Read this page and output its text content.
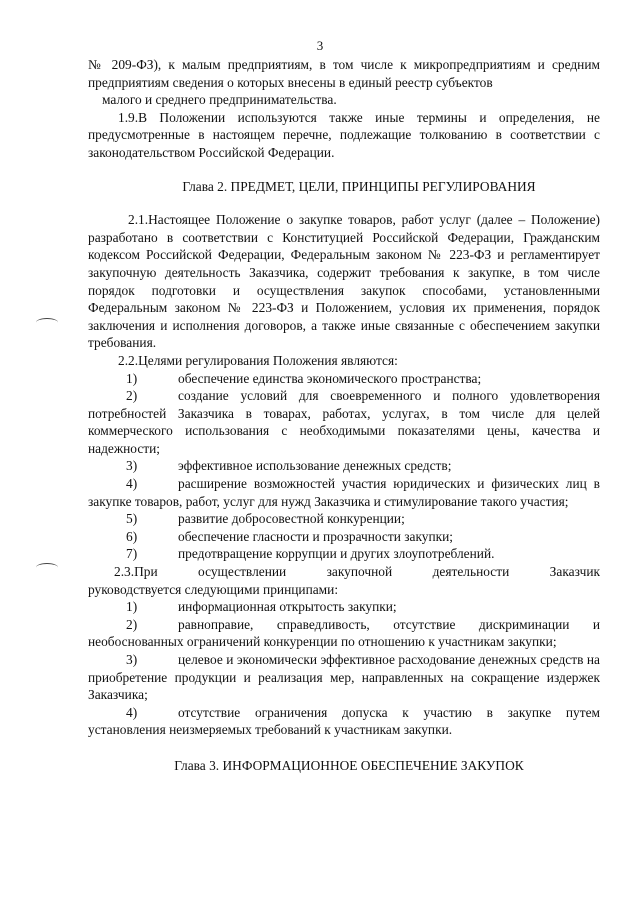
3

№ 209-ФЗ), к малым предприятиям, в том числе к микропредприятиям и средним предприятиям сведения о которых внесены в единый реестр субъектов

малого и среднего предпринимательства.

1.9.В Положении используются также иные термины и определения, не предусмотренные в настоящем перечне, подлежащие толкованию в соответствии с законодательством Российской Федерации.

Глава 2. ПРЕДМЕТ, ЦЕЛИ, ПРИНЦИПЫ РЕГУЛИРОВАНИЯ

2.1.Настоящее Положение о закупке товаров, работ услуг (далее – Положение) разработано в соответствии с Конституцией Российской Федерации, Гражданским кодексом Российской Федерации, Федеральным законом № 223-ФЗ и регламентирует закупочную деятельность Заказчика, содержит требования к закупке, в том числе порядок подготовки и осуществления закупок способами, установленными Федеральным законом № 223-ФЗ и Положением, условия их применения, порядок заключения и исполнения договоров, а также иные связанные с обеспечением закупки требования.

2.2.Целями регулирования Положения являются:

1)	обеспечение единства экономического пространства;

2)	создание условий для своевременного и полного удовлетворения потребностей Заказчика в товарах, работах, услугах, в том числе для целей коммерческого использования с необходимыми показателями цены, качества и надежности;

3)	эффективное использование денежных средств;

4)	расширение возможностей участия юридических и физических лиц в закупке товаров, работ, услуг для нужд Заказчика и стимулирование такого участия;

5)	развитие добросовестной конкуренции;

6)	обеспечение гласности и прозрачности закупки;

7)	предотвращение коррупции и других злоупотреблений.

2.3.При	осуществлении	закупочной	деятельности	Заказчик

руководствуется следующими принципами:

1)	информационная открытость закупки;

2)	равноправие, справедливость, отсутствие дискриминации и необоснованных ограничений конкуренции по отношению к участникам закупки;

3)	целевое и экономически эффективное расходование денежных средств на приобретение продукции и реализация мер, направленных на сокращение издержек Заказчика;

4)	отсутствие ограничения допуска к участию в закупке путем установления неизмеряемых требований к участникам закупки.

Глава 3. ИНФОРМАЦИОННОЕ ОБЕСПЕЧЕНИЕ ЗАКУПОК
